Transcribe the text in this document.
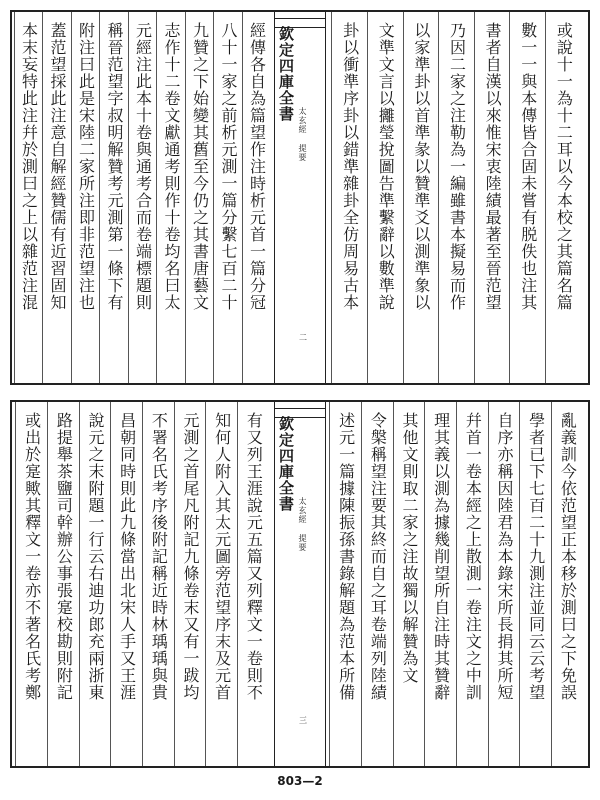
或說十一為十二耳以今本校之其篇名篇
數一一與本傳皆合固未嘗有脱佚也注其
書者自漢以來惟宋衷陸績最著至晉范望
乃因二家之注勒為一編雖書本擬易而作
以家準卦以首準彖以贊準爻以測準象以
文準文言以攡瑩挩圖告準繫辭以數準說
卦以衝準序卦以錯準雜卦全仿周易古本
欽定四庫全書
太玄經 提要
二
經傳各自為篇望作注時析元首一篇分冠
八十一家之前析元測一篇分繫七百二十
九贊之下始變其舊至今仍之其書唐藝文
志作十二卷文獻通考則作十卷均名曰太
元經注此本十卷與通考合而卷端標題則
稱晉范望字叔明解贊考元測第一條下有
附注曰此是宋陸二家所注即非范望注也
蓋范望採此注意自解經贊儒有近習固知
本末妄特此注幷於測曰之上以雜范注混
亂義訓今依范望正本移於測曰之下免誤
學者已下七百二十九測注並同云云考望
自序亦稱因陸君為本錄宋所長捐其所短
幷首一卷本經之上散測一卷注文之中訓
理其義以測為據幾削望所自注時其贊辭
其他文則取二家之注故獨以解贊為文
令槃稱望注要其終而自之耳卷端列陸績
述元一篇據陳振孫書錄解題為范本所備
欽定四庫全書
太玄經 提要
三
有又列王涯說元五篇又列釋文一卷則不
知何人附入其太元圖旁范望序末及元首
元測之首尾凡附記九條卷末又有一跋均
不署名氏考序後附記稱近時林瑀瑀與貴
昌朝同時則此九條當出北宋人手又王涯
說元之末附題一行云右迪功郎充兩浙東
路提舉茶鹽司幹辦公事張寔校勘則附記
或出於寔歟其釋文一卷亦不著名氏考鄭
803—2
